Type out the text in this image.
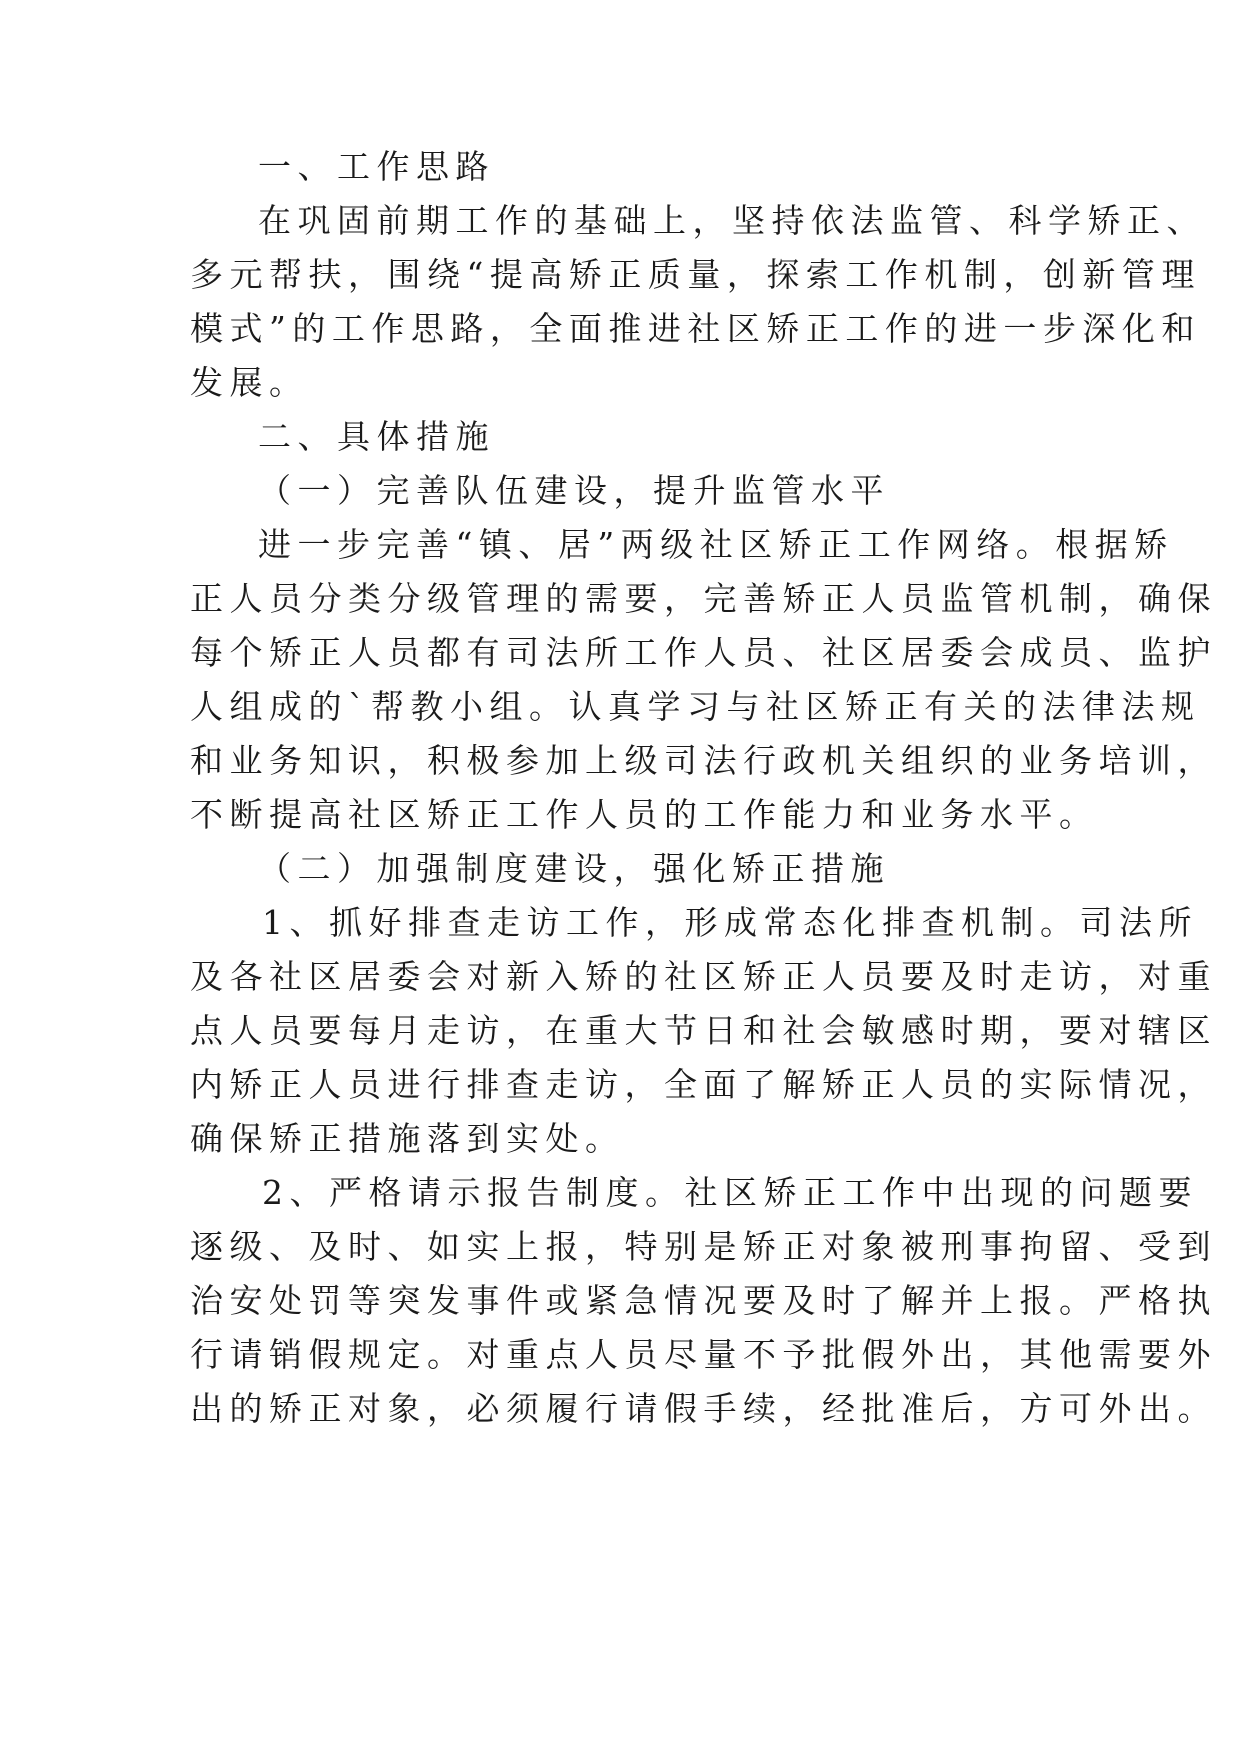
一、工作思路
在巩固前期工作的基础上，坚持依法监管、科学矫正、
多元帮扶，围绕“提高矫正质量，探索工作机制，创新管理
模式”的工作思路，全面推进社区矫正工作的进一步深化和
发展。
二、具体措施
（一）完善队伍建设，提升监管水平
进一步完善“镇、居”两级社区矫正工作网络。根据矫
正人员分类分级管理的需要，完善矫正人员监管机制，确保
每个矫正人员都有司法所工作人员、社区居委会成员、监护
人组成的`帮教小组。认真学习与社区矫正有关的法律法规
和业务知识，积极参加上级司法行政机关组织的业务培训，
不断提高社区矫正工作人员的工作能力和业务水平。
（二）加强制度建设，强化矫正措施
1、抓好排查走访工作，形成常态化排查机制。司法所
及各社区居委会对新入矫的社区矫正人员要及时走访，对重
点人员要每月走访，在重大节日和社会敏感时期，要对辖区
内矫正人员进行排查走访，全面了解矫正人员的实际情况，
确保矫正措施落到实处。
2、严格请示报告制度。社区矫正工作中出现的问题要
逐级、及时、如实上报，特别是矫正对象被刑事拘留、受到
治安处罚等突发事件或紧急情况要及时了解并上报。严格执
行请销假规定。对重点人员尽量不予批假外出，其他需要外
出的矫正对象，必须履行请假手续，经批准后，方可外出。
